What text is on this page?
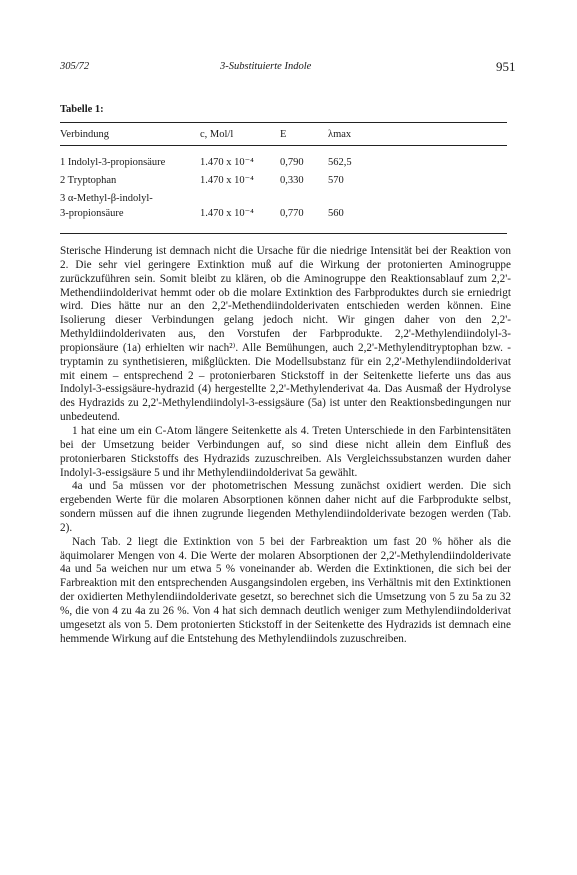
305/72	3-Substituierte Indole	951
Tabelle 1:
Verbindung	c, Mol/l	E	λmax	
1 Indolyl-3-propionsäure	1.470 x 10⁻⁴	0,790	562,5	
2 Tryptophan	1.470 x 10⁻⁴	0,330	570	
3 α-Methyl-β-indolyl-				
3-propionsäure	1.470 x 10⁻⁴	0,770	560	

Sterische Hinderung ist demnach nicht die Ursache für die niedrige Intensität bei der Reaktion von 2. Die sehr viel geringere Extinktion muß auf die Wirkung der protonierten Aminogruppe zurückzuführen sein. Somit bleibt zu klären, ob die Aminogruppe den Reaktionsablauf zum 2,2'-Methendiindolderivat hemmt oder ob die molare Extinktion des Farbproduktes durch sie erniedrigt wird. Dies hätte nur an den 2,2'-Methendiindolderivaten entschieden werden können. Eine Isolierung dieser Verbindungen gelang jedoch nicht. Wir gingen daher von den 2,2'-Methyldiindolderivaten aus, den Vorstufen der Farbprodukte. 2,2'-Methylendiindolyl-3-propionsäure (1a) erhielten wir nach²⁾. Alle Bemühungen, auch 2,2'-Methylenditryptophan bzw. -tryptamin zu synthetisieren, mißglückten. Die Modellsubstanz für ein 2,2'-Methylendiindolderivat mit einem – entsprechend 2 – protonierbaren Stickstoff in der Seitenkette lieferte uns das aus Indolyl-3-essigsäure-hydrazid (4) hergestellte 2,2'-Methylenderivat 4a. Das Ausmaß der Hydrolyse des Hydrazids zu 2,2'-Methylendiindolyl-3-essigsäure (5a) ist unter den Reaktionsbedingungen nur unbedeutend.

1 hat eine um ein C-Atom längere Seitenkette als 4. Treten Unterschiede in den Farbintensitäten bei der Umsetzung beider Verbindungen auf, so sind diese nicht allein dem Einfluß des protonierbaren Stickstoffs des Hydrazids zuzuschreiben. Als Vergleichssubstanzen wurden daher Indolyl-3-essigsäure 5 und ihr Methylendiindolderivat 5a gewählt.

4a und 5a müssen vor der photometrischen Messung zunächst oxidiert werden. Die sich ergebenden Werte für die molaren Absorptionen können daher nicht auf die Farbprodukte selbst, sondern müssen auf die ihnen zugrunde liegenden Methylendiindolderivate bezogen werden (Tab. 2).

Nach Tab. 2 liegt die Extinktion von 5 bei der Farbreaktion um fast 20 % höher als die äquimolarer Mengen von 4. Die Werte der molaren Absorptionen der 2,2'-Methylendiindolderivate 4a und 5a weichen nur um etwa 5 % voneinander ab. Werden die Extinktionen, die sich bei der Farbreaktion mit den entsprechenden Ausgangsindolen ergeben, ins Verhältnis mit den Extinktionen der oxidierten Methylendiindolderivate gesetzt, so berechnet sich die Umsetzung von 5 zu 5a zu 32 %, die von 4 zu 4a zu 26 %. Von 4 hat sich demnach deutlich weniger zum Methylendiindolderivat umgesetzt als von 5. Dem protonierten Stickstoff in der Seitenkette des Hydrazids ist demnach eine hemmende Wirkung auf die Entstehung des Methylendiindols zuzuschreiben.
